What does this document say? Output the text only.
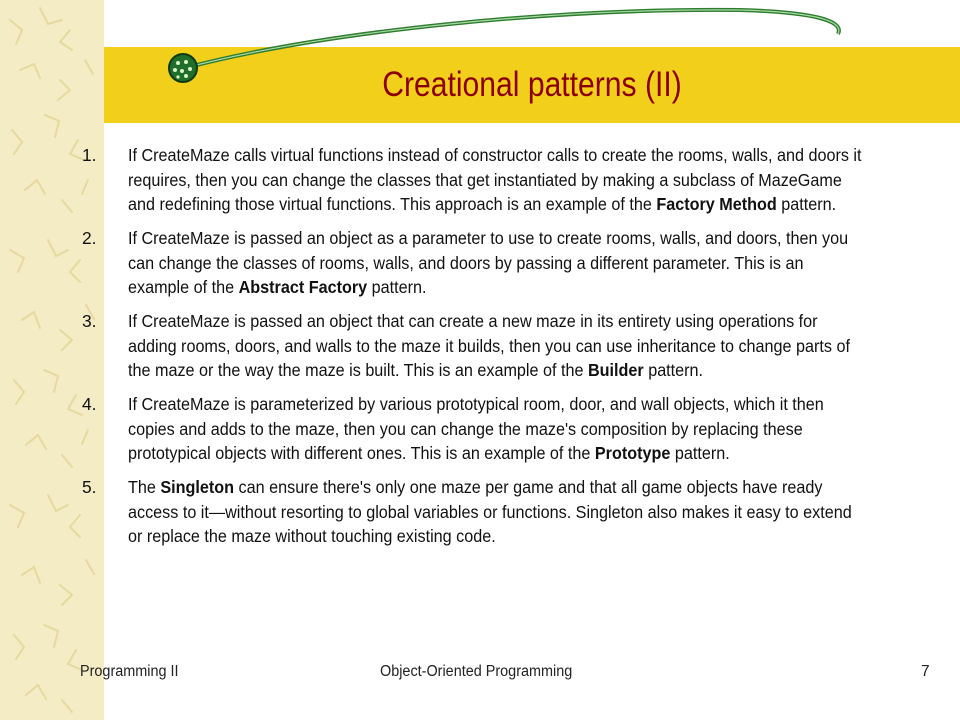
Creational patterns (II)
1.	If CreateMaze calls virtual functions instead of constructor calls to create the rooms, walls, and doors it requires, then you can change the classes that get instantiated by making a subclass of MazeGame and redefining those virtual functions. This approach is an example of the Factory Method pattern.
2.	If CreateMaze is passed an object as a parameter to use to create rooms, walls, and doors, then you can change the classes of rooms, walls, and doors by passing a different parameter. This is an example of the Abstract Factory pattern.
3.	If CreateMaze is passed an object that can create a new maze in its entirety using operations for adding rooms, doors, and walls to the maze it builds, then you can use inheritance to change parts of the maze or the way the maze is built. This is an example of the Builder pattern.
4.	If CreateMaze is parameterized by various prototypical room, door, and wall objects, which it then copies and adds to the maze, then you can change the maze's composition by replacing these prototypical objects with different ones. This is an example of the Prototype pattern.
5.	The Singleton can ensure there's only one maze per game and that all game objects have ready access to it—without resorting to global variables or functions. Singleton also makes it easy to extend or replace the maze without touching existing code.
Programming II	Object-Oriented Programming	7
